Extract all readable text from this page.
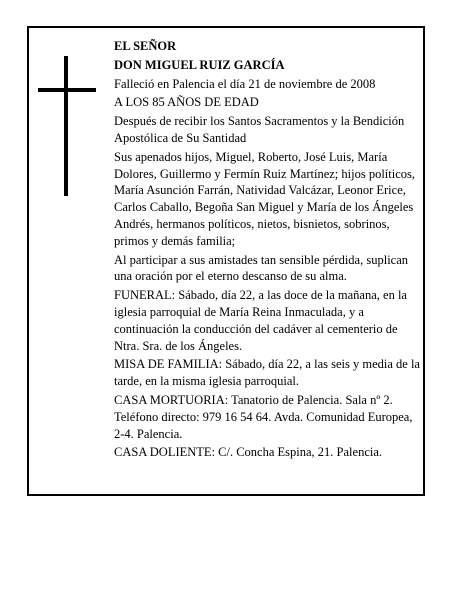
EL SEÑOR

DON MIGUEL RUIZ GARCÍA

Falleció en Palencia el día 21 de noviembre de 2008

A LOS 85 AÑOS DE EDAD

Después de recibir los Santos Sacramentos y la Bendición Apostólica de Su Santidad

Sus apenados hijos, Miguel, Roberto, José Luis, María Dolores, Guillermo y Fermín Ruiz Martínez; hijos políticos, María Asunción Farrán, Natividad Valcázar, Leonor Erice, Carlos Caballo, Begoña San Miguel y María de los Ángeles Andrés, hermanos políticos, nietos, bisnietos, sobrinos, primos y demás familia;

Al participar a sus amistades tan sensible pérdida, suplican una oración por el eterno descanso de su alma.

FUNERAL: Sábado, día 22, a las doce de la mañana, en la iglesia parroquial de María Reina Inmaculada, y a continuación la conducción del cadáver al cementerio de Ntra. Sra. de los Ángeles.

MISA DE FAMILIA: Sábado, día 22, a las seis y media de la tarde, en la misma iglesia parroquial.

CASA MORTUORIA: Tanatorio de Palencia. Sala nº 2. Teléfono directo: 979 16 54 64. Avda. Comunidad Europea, 2-4. Palencia.

CASA DOLIENTE: C/. Concha Espina, 21. Palencia.
